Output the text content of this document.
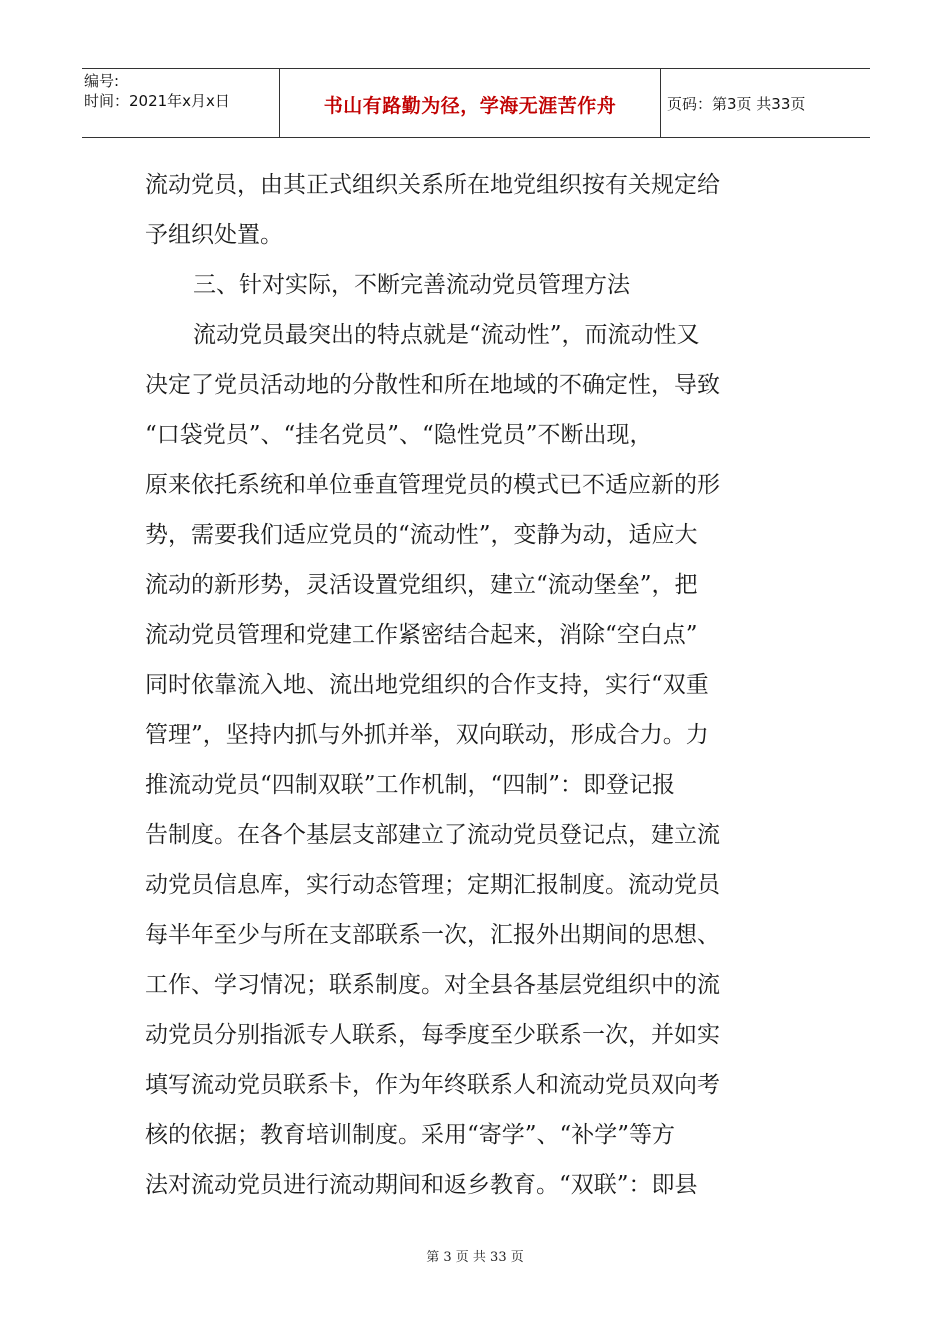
编号:
时间：2021年x月x日	书山有路勤为径，学海无涯苦作舟	页码：第3页 共33页
流动党员，由其正式组织关系所在地党组织按有关规定给
予组织处置。
三、针对实际，不断完善流动党员管理方法
流动党员最突出的特点就是“流动性”，而流动性又
决定了党员活动地的分散性和所在地域的不确定性，导致
“口袋党员”、“挂名党员”、“隐性党员”不断出现，
原来依托系统和单位垂直管理党员的模式已不适应新的形
势，需要我们适应党员的“流动性”，变静为动，适应大
流动的新形势，灵活设置党组织，建立“流动堡垒”，把
流动党员管理和党建工作紧密结合起来，消除“空白点”
同时依靠流入地、流出地党组织的合作支持，实行“双重
管理”，坚持内抓与外抓并举，双向联动，形成合力。力
推流动党员“四制双联”工作机制，“四制”：即登记报
告制度。在各个基层支部建立了流动党员登记点，建立流
动党员信息库，实行动态管理；定期汇报制度。流动党员
每半年至少与所在支部联系一次，汇报外出期间的思想、
工作、学习情况；联系制度。对全县各基层党组织中的流
动党员分别指派专人联系，每季度至少联系一次，并如实
填写流动党员联系卡，作为年终联系人和流动党员双向考
核的依据；教育培训制度。采用“寄学”、“补学”等方
法对流动党员进行流动期间和返乡教育。“双联”：即县
第 3 页 共 33 页
